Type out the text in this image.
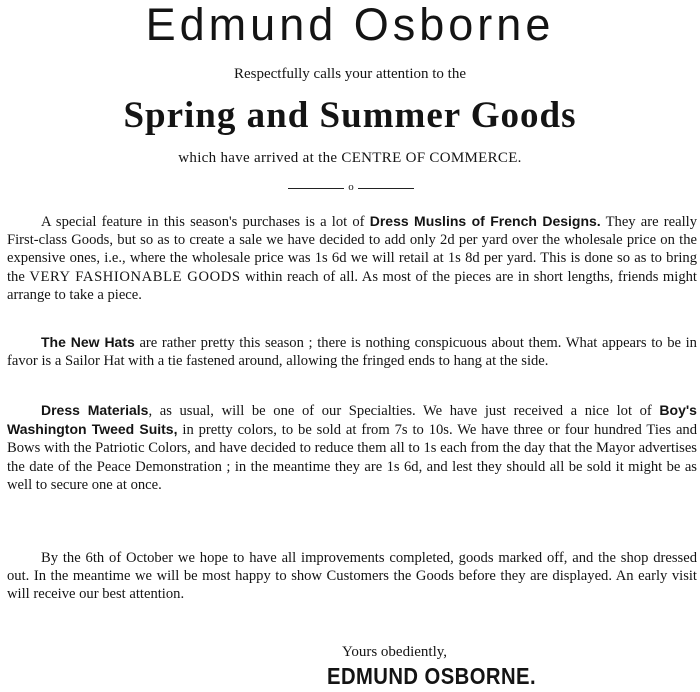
Edmund Osborne

Respectfully calls your attention to the

Spring and Summer Goods

which have arrived at the CENTRE OF COMMERCE.

o

A special feature in this season's purchases is a lot of Dress Muslins of French Designs. They are really First-class Goods, but so as to create a sale we have decided to add only 2d per yard over the wholesale price on the expensive ones, i.e., where the wholesale price was 1s 6d we will retail at 1s 8d per yard. This is done so as to bring the VERY FASHIONABLE GOODS within reach of all. As most of the pieces are in short lengths, friends might arrange to take a piece.

The New Hats are rather pretty this season ; there is nothing conspicuous about them. What appears to be in favor is a Sailor Hat with a tie fastened around, allowing the fringed ends to hang at the side.

Dress Materials, as usual, will be one of our Specialties. We have just received a nice lot of Boy's Washington Tweed Suits, in pretty colors, to be sold at from 7s to 10s. We have three or four hundred Ties and Bows with the Patriotic Colors, and have decided to reduce them all to 1s each from the day that the Mayor advertises the date of the Peace Demonstration ; in the meantime they are 1s 6d, and lest they should all be sold it might be as well to secure one at once.

By the 6th of October we hope to have all improvements completed, goods marked off, and the shop dressed out. In the meantime we will be most happy to show Customers the Goods before they are displayed. An early visit will receive our best attention.

Yours obediently,

EDMUND OSBORNE.
